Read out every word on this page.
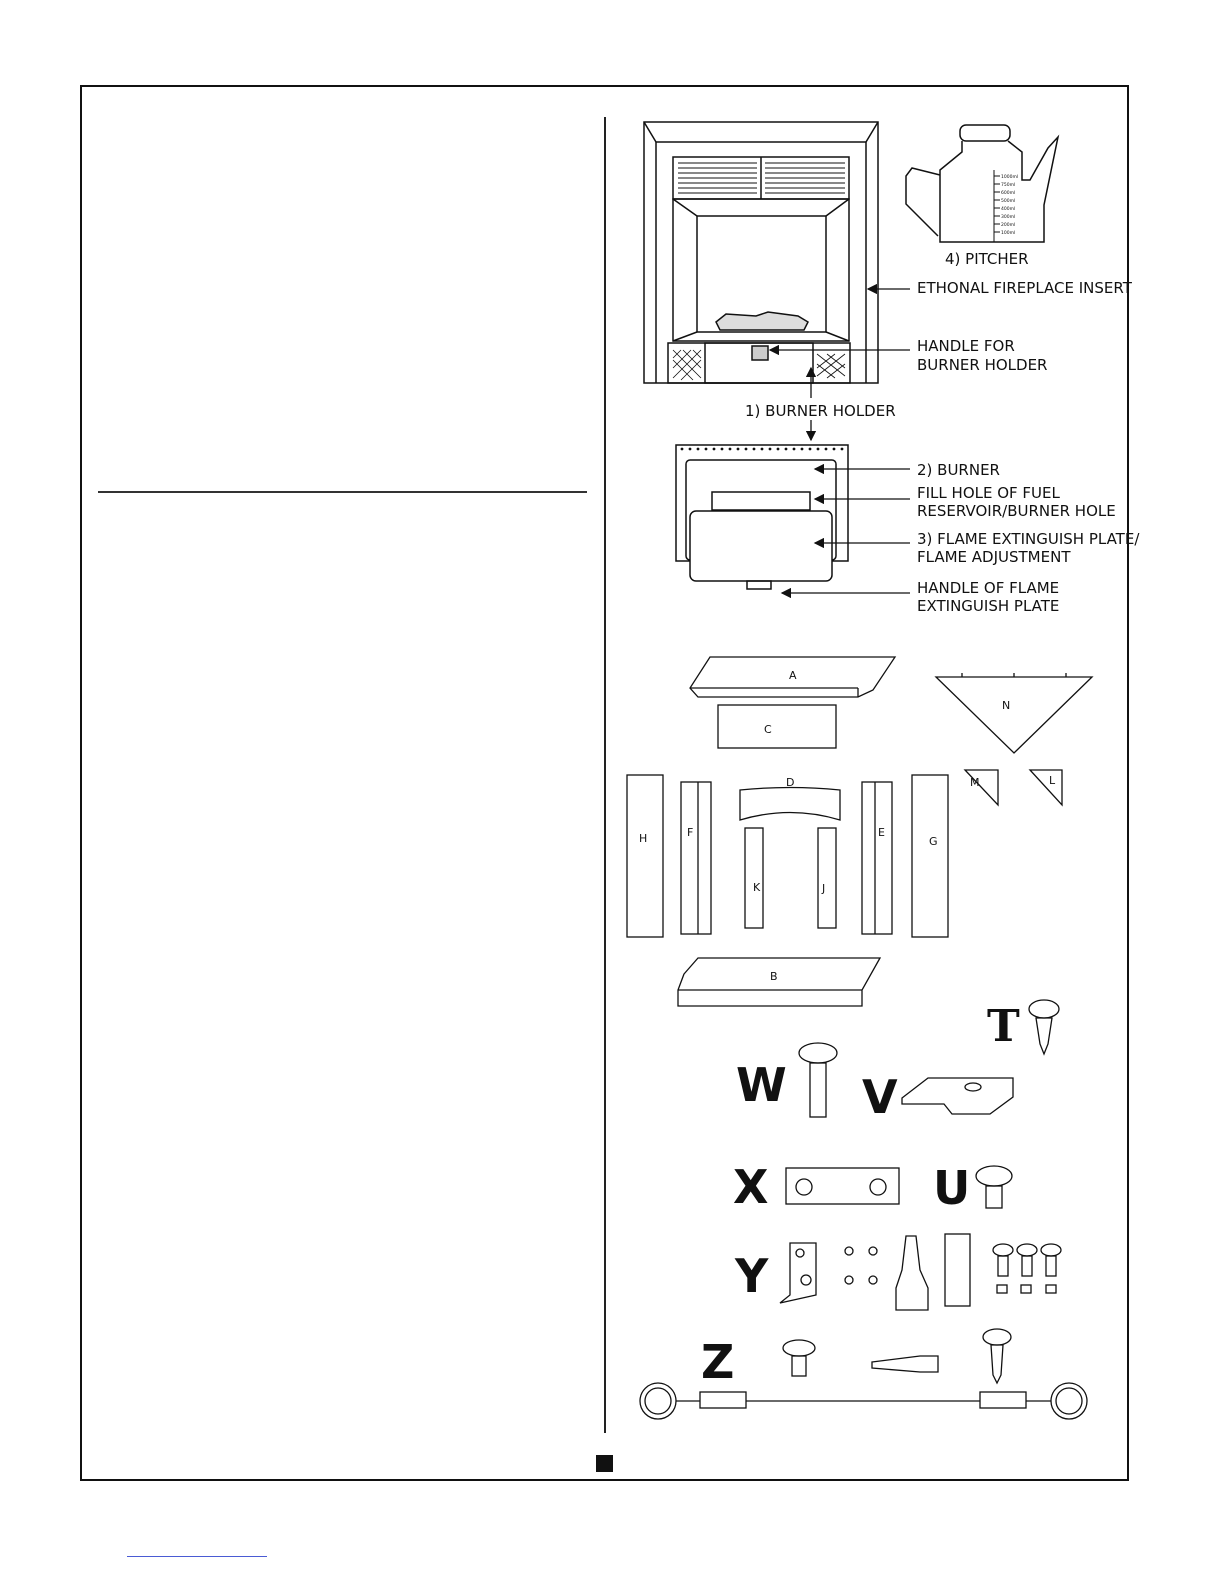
1000ml
750ml
600ml
500ml
400ml
300ml
200ml
100ml
4) PITCHER
ETHONAL FIREPLACE INSERT
HANDLE FOR
BURNER HOLDER
1) BURNER HOLDER
2) BURNER
FILL HOLE OF FUEL
RESERVOIR/BURNER HOLE
3) FLAME EXTINGUISH PLATE/
FLAME ADJUSTMENT
HANDLE OF FLAME
EXTINGUISH PLATE
A
B
C
D
E
F
G
H
J
K
L
M
N
T
W V
X	U
Y
Z
